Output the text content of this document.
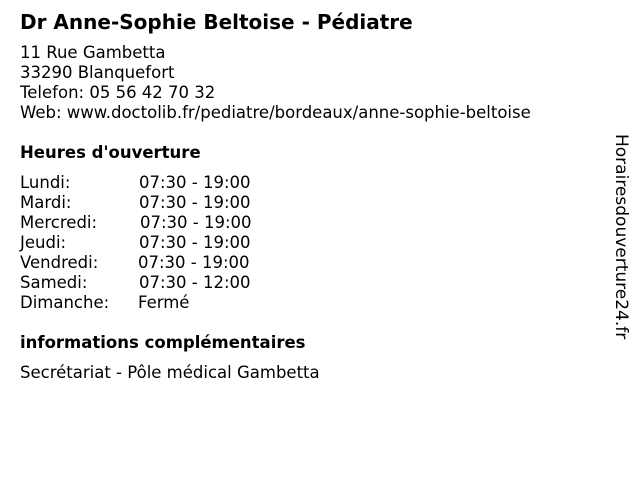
Dr Anne-Sophie Beltoise - Pédiatre
11 Rue Gambetta
33290 Blanquefort
Telefon: 05 56 42 70 32
Web: www.doctolib.fr/pediatre/bordeaux/anne-sophie-beltoise
Heures d'ouverture
Lundi:	07:30 - 19:00
Mardi:	07:30 - 19:00
Mercredi:	07:30 - 19:00
Jeudi:	07:30 - 19:00
Vendredi: 07:30 - 19:00
Samedi:	07:30 - 12:00
Dimanche: Fermé
informations complémentaires
Secrétariat - Pôle médical Gambetta
Horairesdouverture24.fr
